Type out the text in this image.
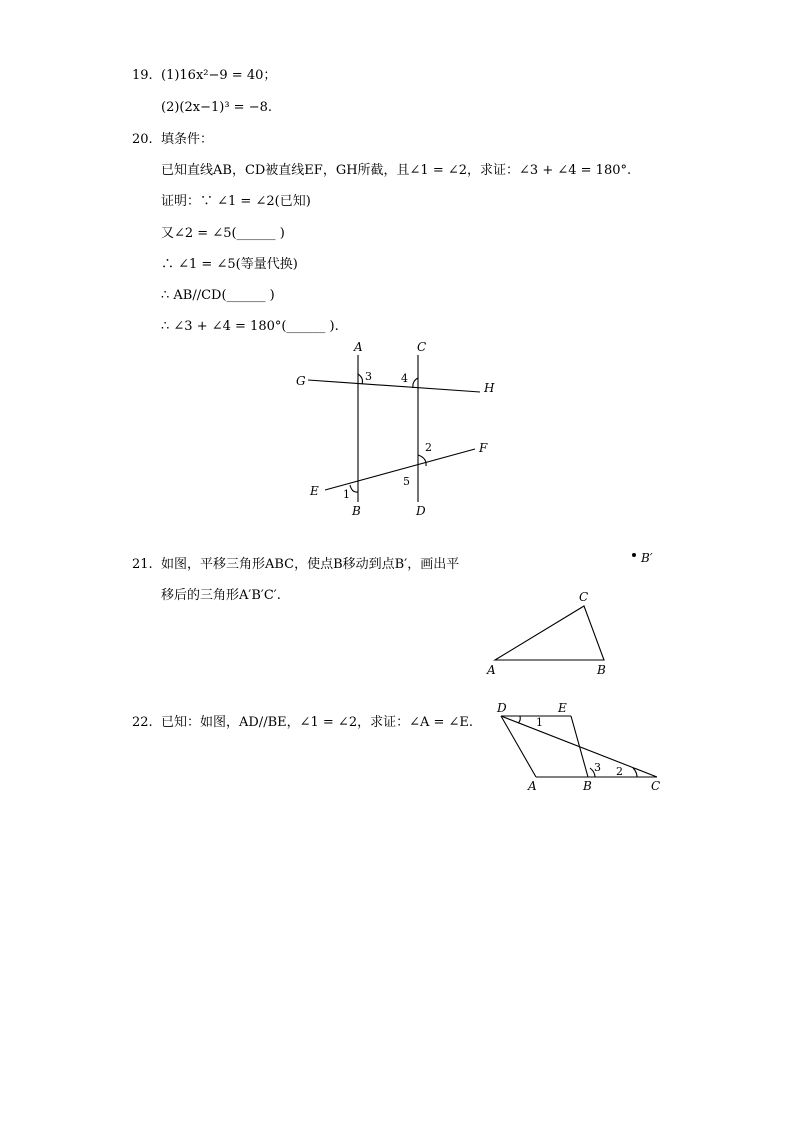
19. (1)16x²−9 = 40；
(2)(2x−1)³ = −8.
20. 填条件：
已知直线AB，CD被直线EF，GH所截，且∠1 = ∠2，求证：∠3 + ∠4 = 180°.
证明：∵ ∠1 = ∠2(已知)
又∠2 = ∠5(______ )
∴ ∠1 = ∠5(等量代换)
∴ AB//CD(______ )
∴ ∠3 + ∠4 = 180°(______ ).
A	C
G	H
F
E
B	D
3	4
2
5
1
21. 如图，平移三角形ABC，使点B移动到点B′，画出平
移后的三角形A′B′C′.
B′
A	B
C
22. 已知：如图，AD//BE，∠1 = ∠2，求证：∠A = ∠E.
D	E
A	B	C
1
3 2
